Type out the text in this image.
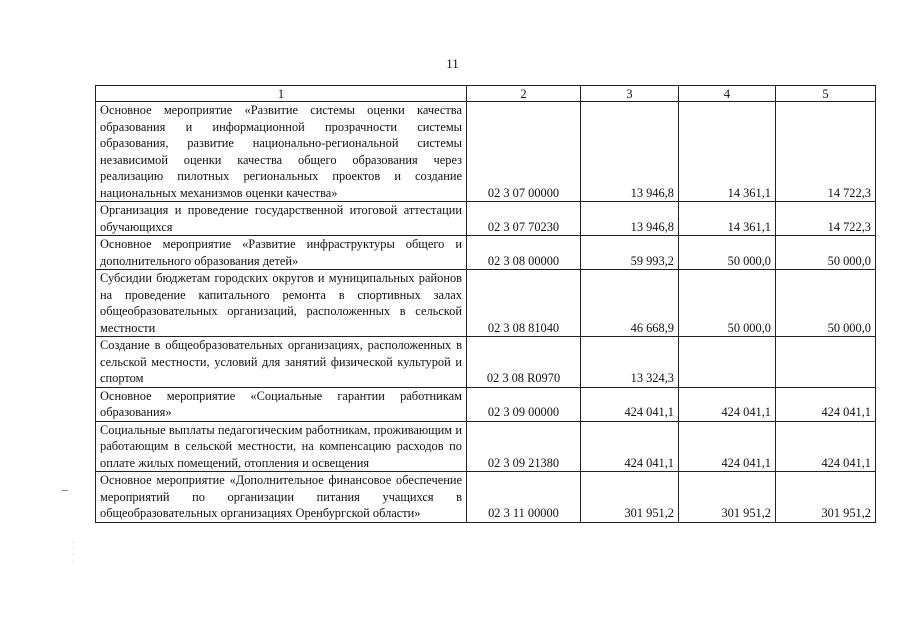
11
·
·
·
·
1	2	3	4	5
Основное мероприятие «Развитие системы оценки качества образования и информационной прозрачности системы образования, развитие национально-региональной системы независимой оценки качества общего образования через реализацию пилотных региональных проектов и создание национальных механизмов оценки качества»	02 3 07 00000	13 946,8	14 361,1	14 722,3
Организация и проведение государственной итоговой аттестации обучающихся	02 3 07 70230	13 946,8	14 361,1	14 722,3
Основное мероприятие «Развитие инфраструктуры общего и дополнительного образования детей»	02 3 08 00000	59 993,2	50 000,0	50 000,0
Субсидии бюджетам городских округов и муниципальных районов на проведение капитального ремонта в спортивных залах общеобразовательных организаций, расположенных в сельской местности	02 3 08 81040	46 668,9	50 000,0	50 000,0
Создание в общеобразовательных организациях, расположенных в сельской местности, условий для занятий физической культурой и спортом	02 3 08 R0970	13 324,3		
Основное мероприятие «Социальные гарантии работникам образования»	02 3 09 00000	424 041,1	424 041,1	424 041,1
Социальные выплаты педагогическим работникам, проживающим и работающим в сельской местности, на компенсацию расходов по оплате жилых помещений, отопления и освещения	02 3 09 21380	424 041,1	424 041,1	424 041,1
Основное мероприятие «Дополнительное финансовое обеспечение мероприятий по организации питания учащихся в общеобразовательных организациях Оренбургской области»	02 3 11 00000	301 951,2	301 951,2	301 951,2
